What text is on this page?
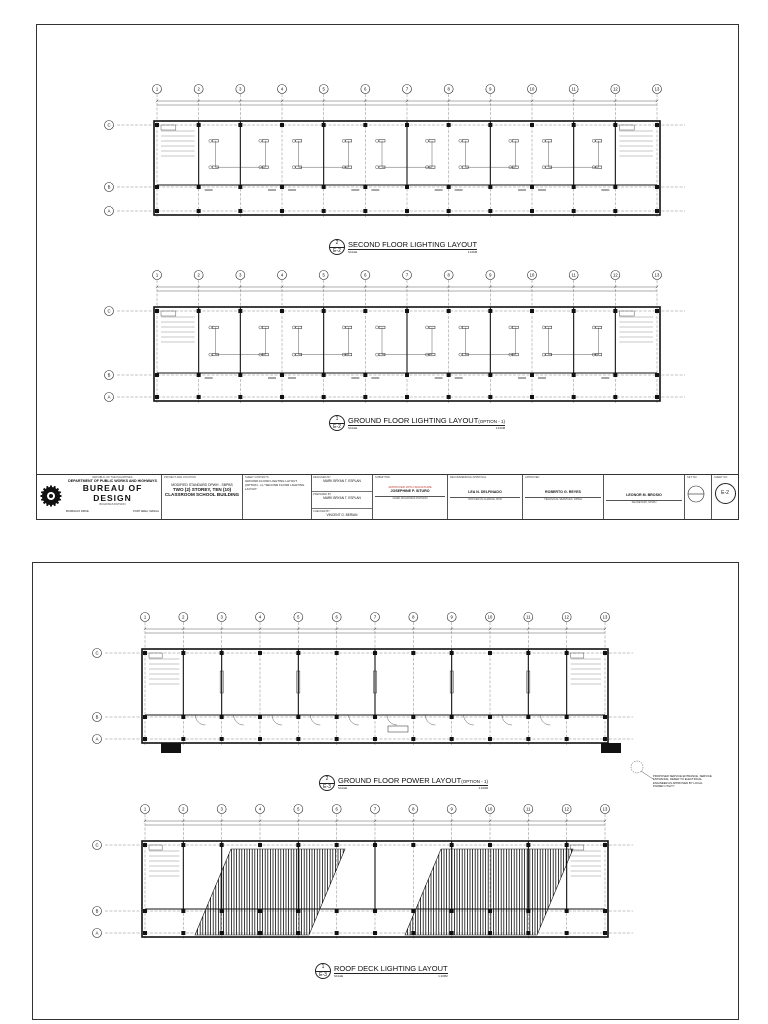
1	2	3	4	5	6	7	8	9	10	11	12	13
C
B
A
1	2	3	4	5	6	7	8	9	10	11	12	13
C
B
A
2
E-2
SECOND FLOOR LIGHTING LAYOUT
SCALE	1:100M
1
E-2
GROUND FLOOR LIGHTING LAYOUT(OPTION - 1)
SCALE	1:100M
REPUBLIC OF THE PHILIPPINES
DEPARTMENT OF PUBLIC WORKS AND HIGHWAYS
BUREAU OF DESIGN
BUILDINGS DIVISION
BONIFACIO DRIVE	PORT AREA, MANILA
PROJECT AND LOCATION
MODIFIED STANDARD DPWH - SBPBS
TWO (2) STOREY, TEN (10)
CLASSROOM SCHOOL BUILDING
SHEET CONTENTS
GROUND FLOOR LIGHTING LAYOUT (OPTION - 1) / SECOND FLOOR LIGHTING LAYOUT
DESIGNED BY
MARK BRYAN T. ESPLAN
PREPARED BY
MARK BRYAN T. ESPLAN
CHECKED BY
VINCENT G. BERIAN
SUBMITTED
APPROVED WITH SIGNATURE
JOSEPHINE P. SITURO
CHIEF, BUILDINGS DIVISION
RECOMMENDING APPROVAL
LEA N. DELFINADO
OFFICER-IN-CHARGE, BOD
APPROVED
ROBERTO G. REYES
TECHNICAL SERVICES, DPWH
LEONOR M. BROSIO
SECRETARY, DPWH
SET NO.	SHEET NO.
E-2
1	2	3	4	5	6	7	8	9	10	11	12	13
C
B
A
1	2	3	4	5	6	7	8	9	10	11	12	13
C
B
A
2
E-3
GROUND FLOOR POWER LAYOUT(OPTION - 1)
SCALE	1:100M
1
E-3
ROOF DECK LIGHTING LAYOUT
SCALE	1:100M
PROPOSED SERVICE ENTRANCE, SERVICE ENTRANCE, DEFER TO ELECTRICAL ENGINEER AS APPROVED BY LOCAL POWER UTILITY
